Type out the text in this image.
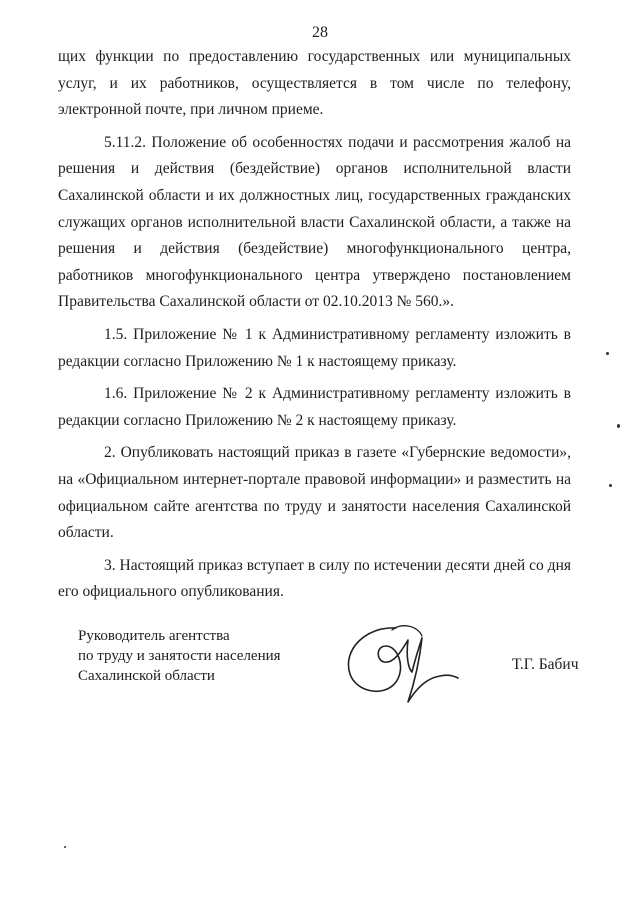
28

щих функции по предоставлению государственных или муниципальных услуг, и их работников, осуществляется в том числе по телефону, электронной почте, при личном приеме.

5.11.2. Положение об особенностях подачи и рассмотрения жалоб на решения и действия (бездействие) органов исполнительной власти Сахалинской области и их должностных лиц, государственных гражданских служащих органов исполнительной власти Сахалинской области, а также на решения и действия (бездействие) многофункционального центра, работников многофункционального центра утверждено постановлением Правительства Сахалинской области от 02.10.2013 № 560.».

1.5. Приложение № 1 к Административному регламенту изложить в редакции согласно Приложению № 1 к настоящему приказу.

1.6. Приложение № 2 к Административному регламенту изложить в редакции согласно Приложению № 2 к настоящему приказу.

2. Опубликовать настоящий приказ в газете «Губернские ведомости», на «Официальном интернет-портале правовой информации» и разместить на официальном сайте агентства по труду и занятости населения Сахалинской области.

3. Настоящий приказ вступает в силу по истечении десяти дней со дня его официального опубликования.

Руководитель агентства
по труду и занятости населения
Сахалинской области
Т.Г. Бабич
